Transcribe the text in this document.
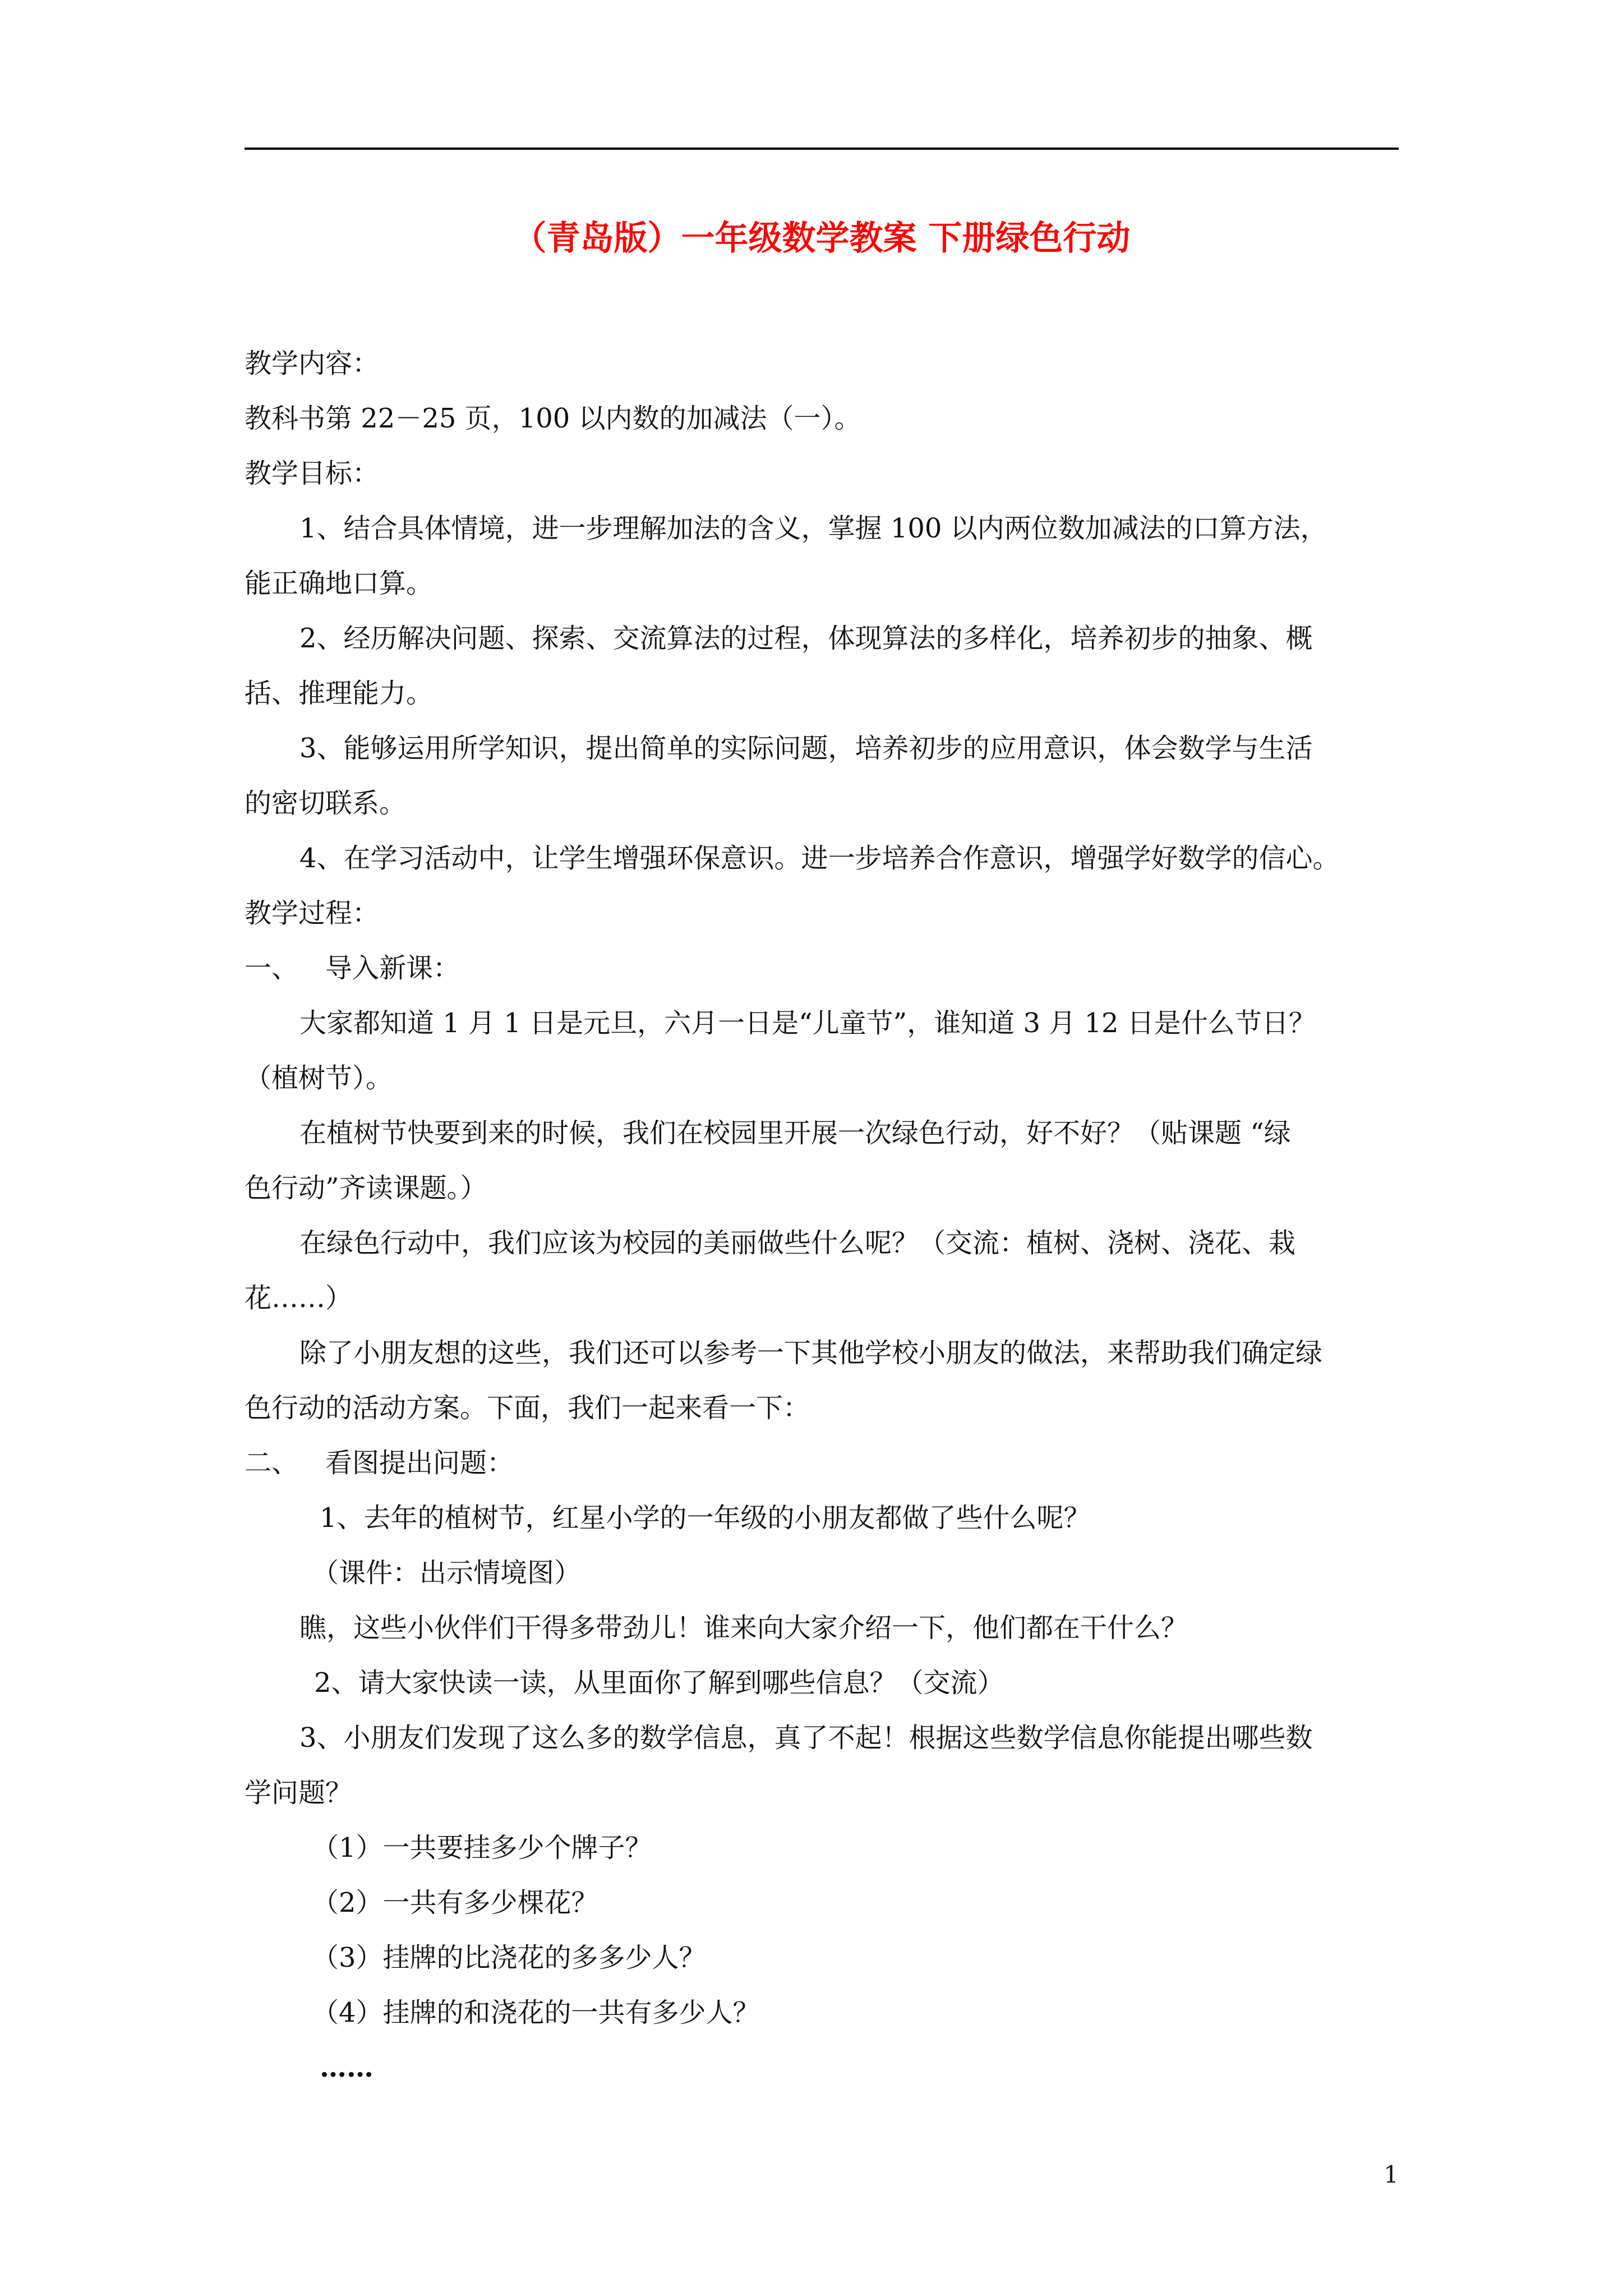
（青岛版）一年级数学教案 下册绿色行动
教学内容：
教科书第 22－25 页，100 以内数的加减法（一）。
教学目标：
1、结合具体情境，进一步理解加法的含义，掌握 100 以内两位数加减法的口算方法，
能正确地口算。
2、经历解决问题、探索、交流算法的过程，体现算法的多样化，培养初步的抽象、概
括、推理能力。
3、能够运用所学知识，提出简单的实际问题，培养初步的应用意识，体会数学与生活
的密切联系。
4、在学习活动中，让学生增强环保意识。进一步培养合作意识，增强学好数学的信心。
教学过程：
一、 导入新课：
大家都知道 1 月 1 日是元旦，六月一日是“儿童节”，谁知道 3 月 12 日是什么节日？
（植树节）。
在植树节快要到来的时候，我们在校园里开展一次绿色行动，好不好？（贴课题 “绿
色行动”齐读课题。）
在绿色行动中，我们应该为校园的美丽做些什么呢？（交流：植树、浇树、浇花、栽
花……）
除了小朋友想的这些，我们还可以参考一下其他学校小朋友的做法，来帮助我们确定绿
色行动的活动方案。下面，我们一起来看一下：
二、 看图提出问题：
1、去年的植树节，红星小学的一年级的小朋友都做了些什么呢？
（课件：出示情境图）
瞧，这些小伙伴们干得多带劲儿！谁来向大家介绍一下，他们都在干什么？
2、请大家快读一读，从里面你了解到哪些信息？（交流）
3、小朋友们发现了这么多的数学信息，真了不起！根据这些数学信息你能提出哪些数
学问题？
（1）一共要挂多少个牌子？
（2）一共有多少棵花？
（3）挂牌的比浇花的多多少人？
（4）挂牌的和浇花的一共有多少人？
……
1
